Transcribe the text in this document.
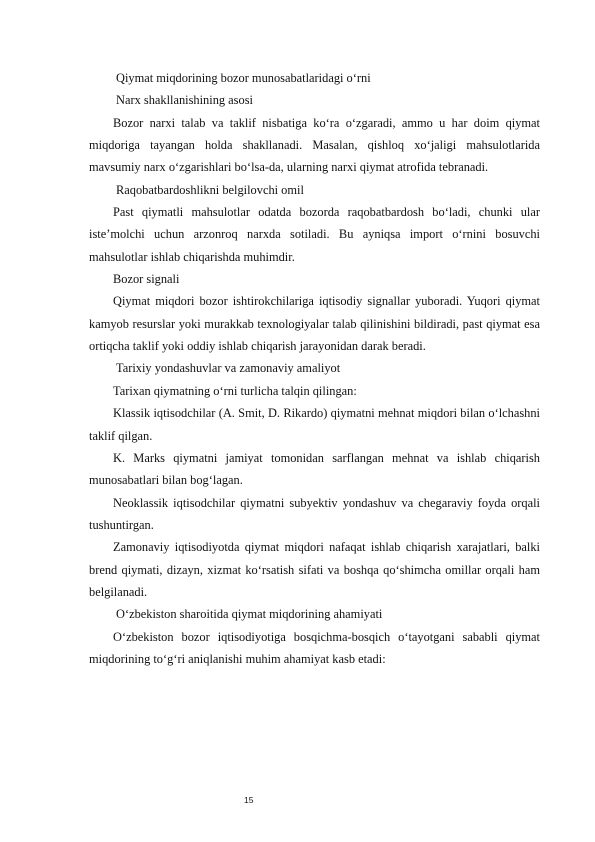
Qiymat miqdorining bozor munosabatlaridagi o‘rni

Narx shakllanishining asosi

Bozor narxi talab va taklif nisbatiga ko‘ra o‘zgaradi, ammo u har doim qiymat miqdoriga tayangan holda shakllanadi. Masalan, qishloq xo‘jaligi mahsulotlarida mavsumiy narx o‘zgarishlari bo‘lsa-da, ularning narxi qiymat atrofida tebranadi.

Raqobatbardoshlikni belgilovchi omil

Past qiymatli mahsulotlar odatda bozorda raqobatbardosh bo‘ladi, chunki ular iste’molchi uchun arzonroq narxda sotiladi. Bu ayniqsa import o‘rnini bosuvchi mahsulotlar ishlab chiqarishda muhimdir.

Bozor signali

Qiymat miqdori bozor ishtirokchilariga iqtisodiy signallar yuboradi. Yuqori qiymat kamyob resurslar yoki murakkab texnologiyalar talab qilinishini bildiradi, past qiymat esa ortiqcha taklif yoki oddiy ishlab chiqarish jarayonidan darak beradi.

Tarixiy yondashuvlar va zamonaviy amaliyot

Tarixan qiymatning o‘rni turlicha talqin qilingan:

Klassik iqtisodchilar (A. Smit, D. Rikardo) qiymatni mehnat miqdori bilan o‘lchashni taklif qilgan.

K. Marks qiymatni jamiyat tomonidan sarflangan mehnat va ishlab chiqarish munosabatlari bilan bog‘lagan.

Neoklassik iqtisodchilar qiymatni subyektiv yondashuv va chegaraviy foyda orqali tushuntirgan.

Zamonaviy iqtisodiyotda qiymat miqdori nafaqat ishlab chiqarish xarajatlari, balki brend qiymati, dizayn, xizmat ko‘rsatish sifati va boshqa qo‘shimcha omillar orqali ham belgilanadi.

O‘zbekiston sharoitida qiymat miqdorining ahamiyati

O‘zbekiston bozor iqtisodiyotiga bosqichma-bosqich o‘tayotgani sababli qiymat miqdorining to‘g‘ri aniqlanishi muhim ahamiyat kasb etadi:

15
